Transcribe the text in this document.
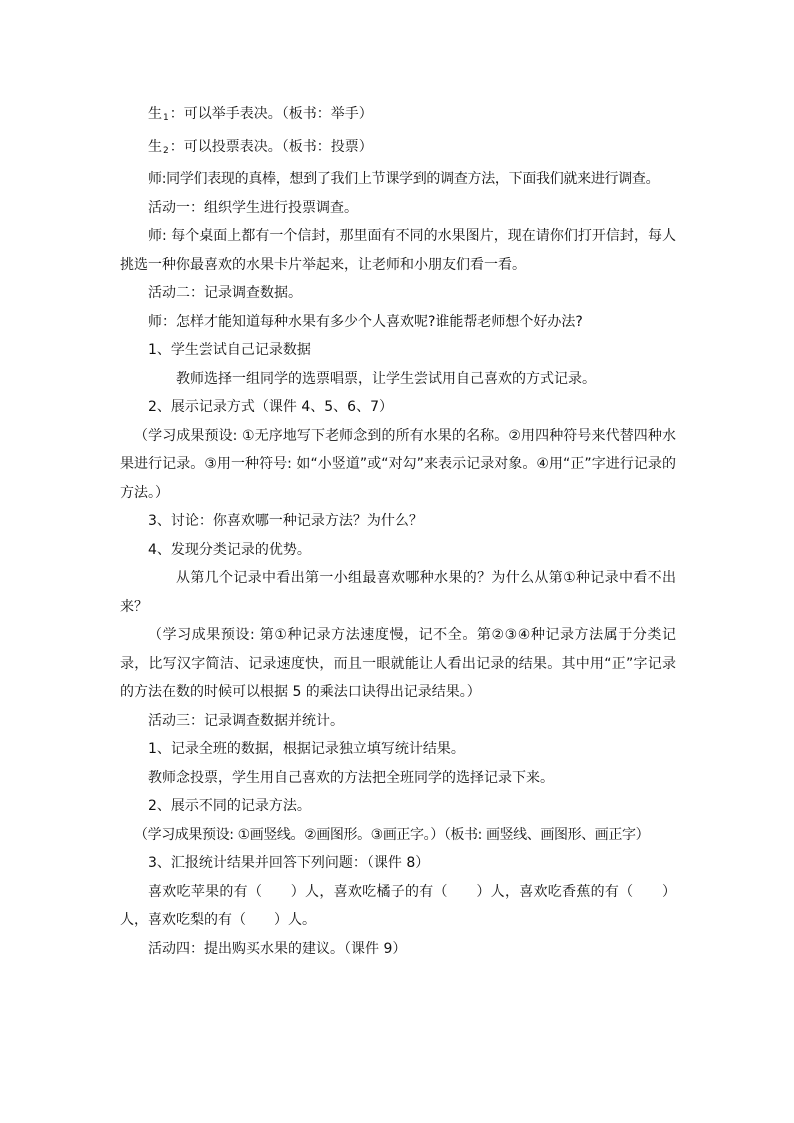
生$_1$：可以举手表决。（板书：举手）

生$_2$：可以投票表决。（板书：投票）

师:同学们表现的真棒，想到了我们上节课学到的调查方法，下面我们就来进行调查。

活动一：组织学生进行投票调查。

师: 每个桌面上都有一个信封，那里面有不同的水果图片，现在请你们打开信封，每人挑选一种你最喜欢的水果卡片举起来，让老师和小朋友们看一看。

活动二：记录调查数据。

师：怎样才能知道每种水果有多少个人喜欢呢?谁能帮老师想个好办法?

1、学生尝试自己记录数据

教师选择一组同学的选票唱票，让学生尝试用自己喜欢的方式记录。

2、展示记录方式（课件 4、5、6、7）

（学习成果预设: ①无序地写下老师念到的所有水果的名称。②用四种符号来代替四种水果进行记录。③用一种符号: 如“小竖道”或“对勾”来表示记录对象。④用“正”字进行记录的方法。）

3、讨论：你喜欢哪一种记录方法？为什么？

4、发现分类记录的优势。

从第几个记录中看出第一小组最喜欢哪种水果的？为什么从第①种记录中看不出来？

（学习成果预设: 第①种记录方法速度慢，记不全。第②③④种记录方法属于分类记录，比写汉字简洁、记录速度快，而且一眼就能让人看出记录的结果。其中用“正”字记录的方法在数的时候可以根据 5 的乘法口诀得出记录结果。）

活动三：记录调查数据并统计。

1、记录全班的数据，根据记录独立填写统计结果。

教师念投票，学生用自己喜欢的方法把全班同学的选择记录下来。

2、展示不同的记录方法。

（学习成果预设: ①画竖线。②画图形。③画正字。）（板书: 画竖线、画图形、画正字）

3、汇报统计结果并回答下列问题：（课件 8）

喜欢吃苹果的有（　　）人，喜欢吃橘子的有（　　）人，喜欢吃香蕉的有（　　）人，喜欢吃梨的有（　　）人。

活动四：提出购买水果的建议。（课件 9）
